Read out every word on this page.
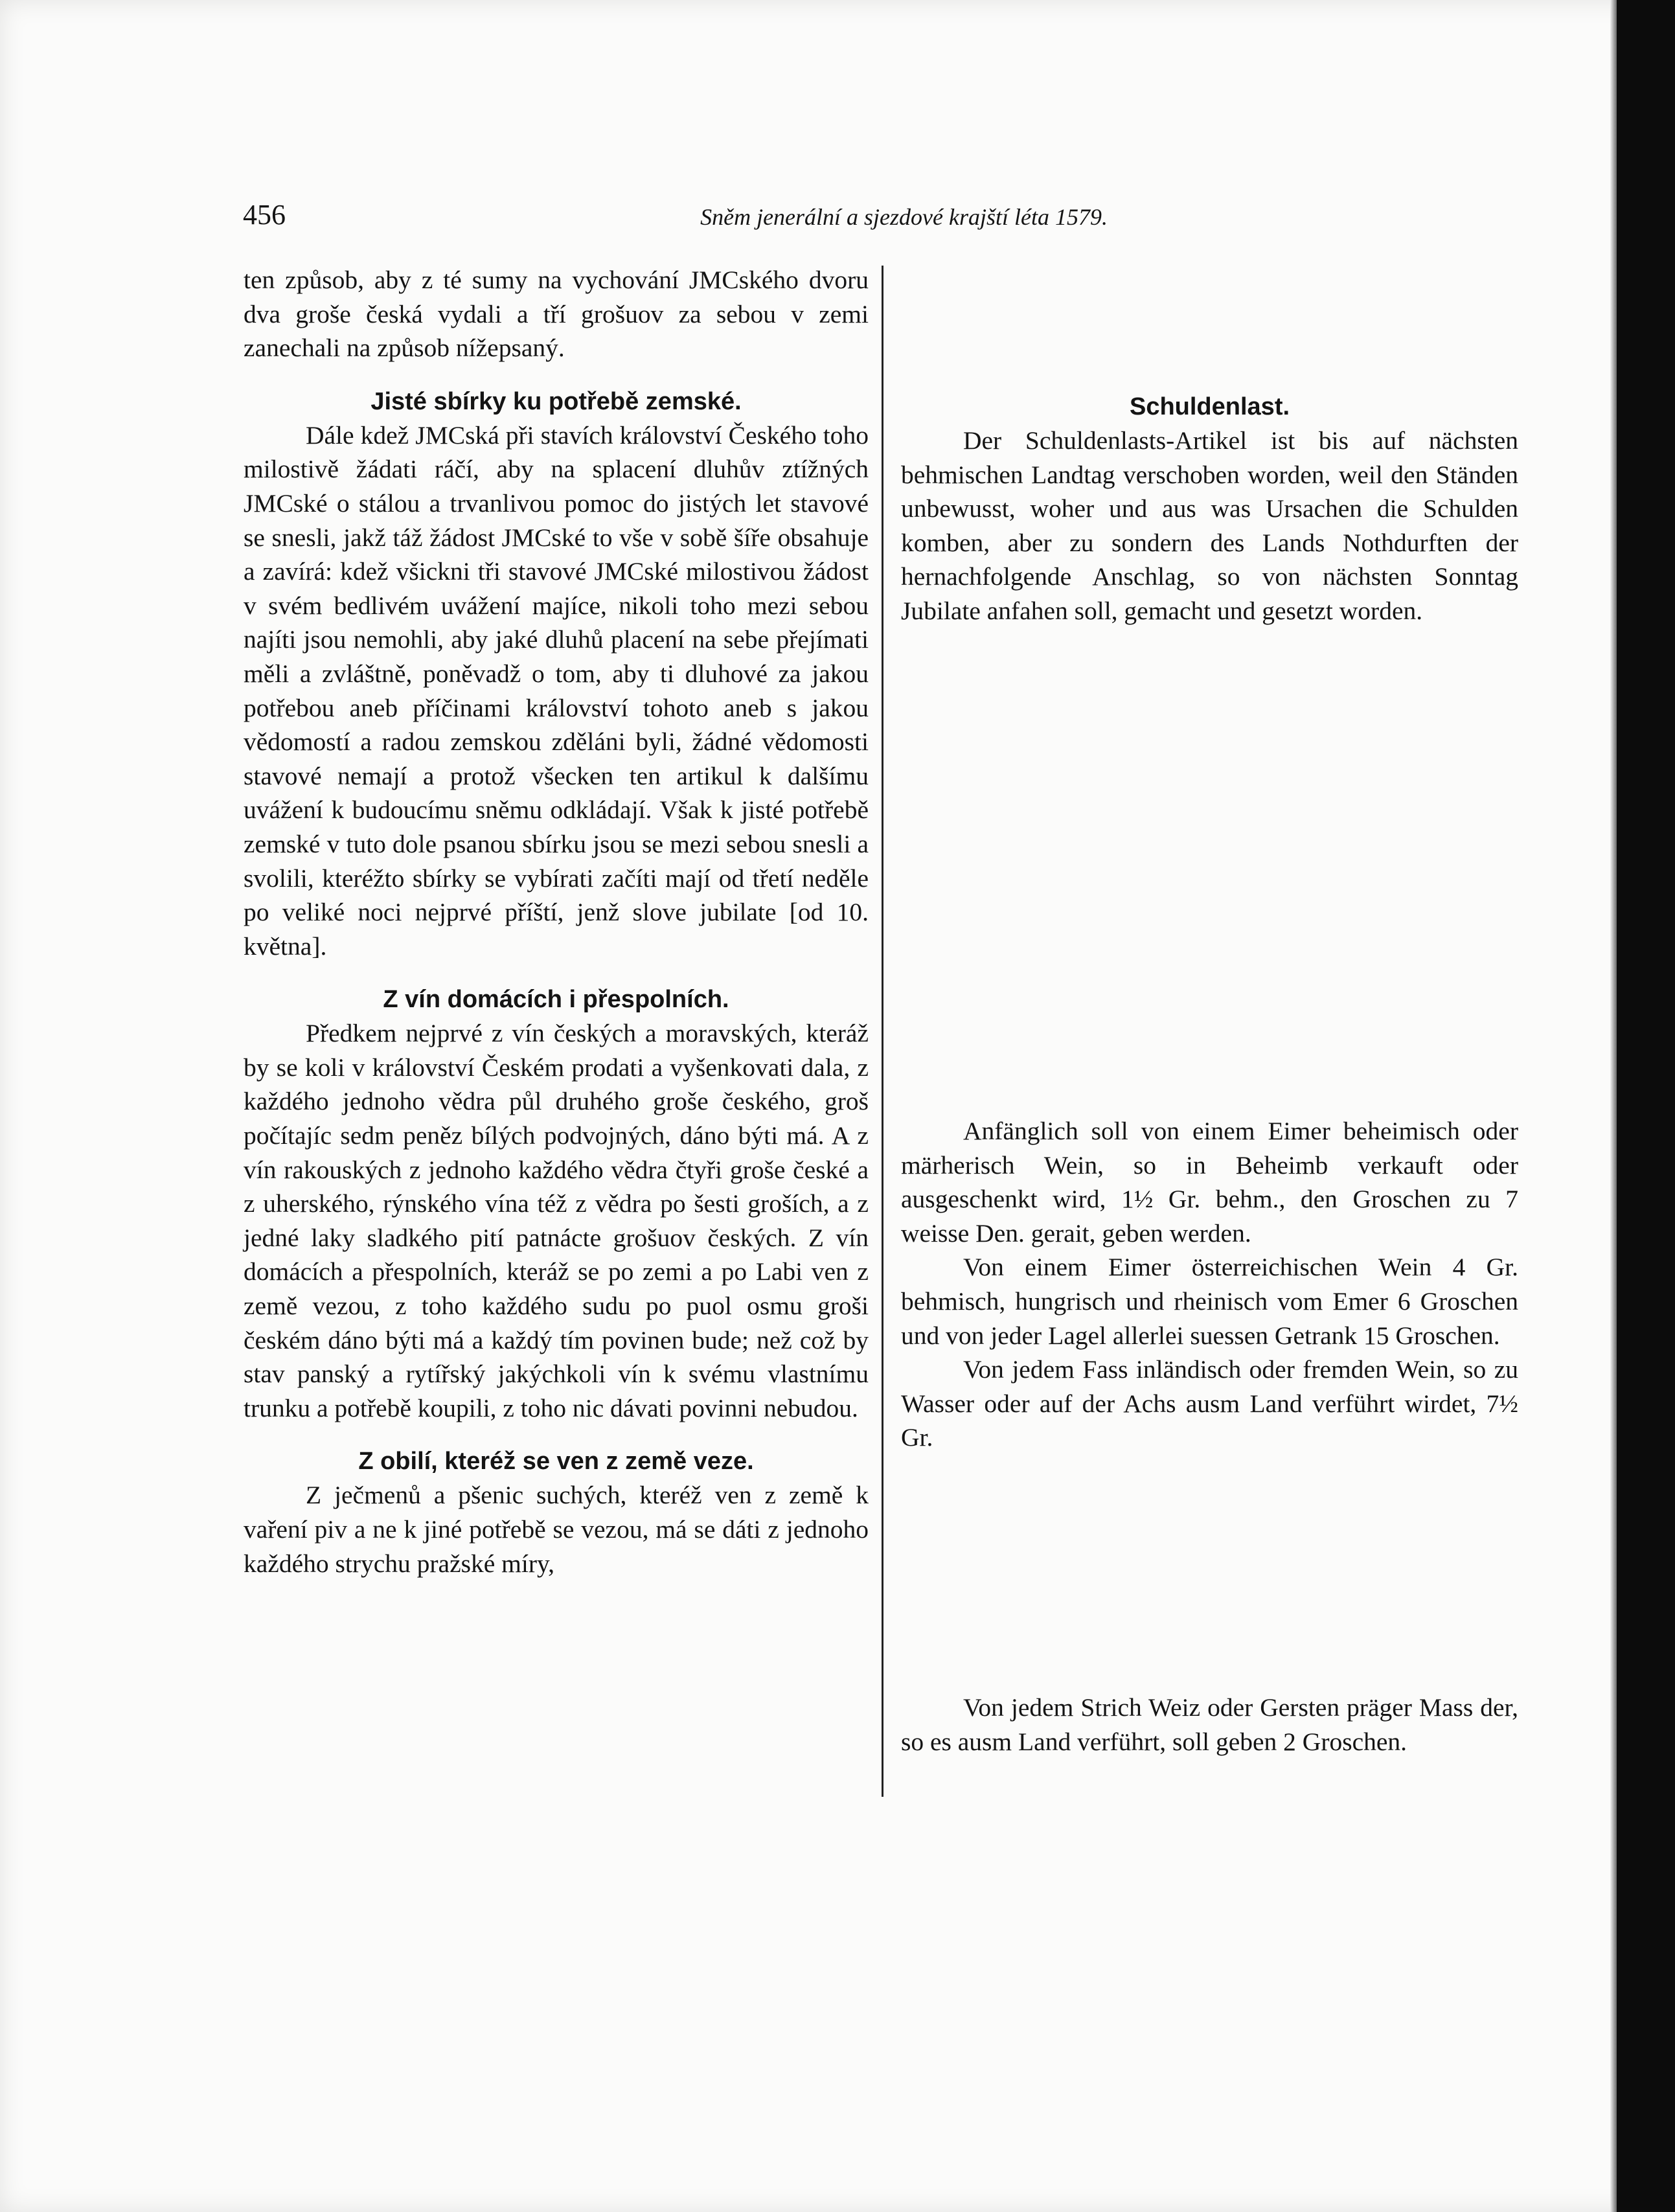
456	Sněm jenerální a sjezdové krajští léta 1579.

ten způsob, aby z té sumy na vychování JMCského dvoru dva groše česká vydali a tří grošuov za sebou v zemi zanechali na způsob nížepsaný.

Jisté sbírky ku potřebě zemské.

Dále kdež JMCská při stavích království Českého toho milostivě žádati ráčí, aby na splacení dluhův ztížných JMCské o stálou a trvanlivou pomoc do jistých let stavové se snesli, jakž táž žádost JMCské to vše v sobě šíře obsahuje a zavírá: kdež všickni tři stavové JMCské milostivou žádost v svém bedlivém uvážení majíce, nikoli toho mezi sebou najíti jsou nemohli, aby jaké dluhů placení na sebe přejímati měli a zvláštně, poněvadž o tom, aby ti dluhové za jakou potřebou aneb příčinami království tohoto aneb s jakou vědomostí a radou zemskou zděláni byli, žádné vědomosti stavové nemají a protož všecken ten artikul k dalšímu uvážení k budoucímu sněmu odkládají. Však k jisté potřebě zemské v tuto dole psanou sbírku jsou se mezi sebou snesli a svolili, kteréžto sbírky se vybírati začíti mají od třetí neděle po veliké noci nejprvé příští, jenž slove jubilate [od 10. května].

Z vín domácích i přespolních.

Předkem nejprvé z vín českých a moravských, kteráž by se koli v království Českém prodati a vyšenkovati dala, z každého jednoho vědra půl druhého groše českého, groš počítajíc sedm peněz bílých podvojných, dáno býti má. A z vín rakouských z jednoho každého vědra čtyři groše české a z uherského, rýnského vína též z vědra po šesti groších, a z jedné laky sladkého pití patnácte grošuov českých. Z vín domácích a přespolních, kteráž se po zemi a po Labi ven z země vezou, z toho každého sudu po puol osmu groši českém dáno býti má a každý tím povinen bude; než což by stav panský a rytířský jakýchkoli vín k svému vlastnímu trunku a potřebě koupili, z toho nic dávati povinni nebudou.

Z obilí, kteréž se ven z země veze.

Z ječmenů a pšenic suchých, kteréž ven z země k vaření piv a ne k jiné potřebě se vezou, má se dáti z jednoho každého strychu pražské míry,

Schuldenlast.

Der Schuldenlasts-Artikel ist bis auf nächsten behmischen Landtag verschoben worden, weil den Ständen unbewusst, woher und aus was Ursachen die Schulden komben, aber zu sondern des Lands Nothdurften der hernachfolgende Anschlag, so von nächsten Sonntag Jubilate anfahen soll, gemacht und gesetzt worden.

Anfänglich soll von einem Eimer beheimisch oder märherisch Wein, so in Beheimb verkauft oder ausgeschenkt wird, 1½ Gr. behm., den Groschen zu 7 weisse Den. gerait, geben werden.

Von einem Eimer österreichischen Wein 4 Gr. behmisch, hungrisch und rheinisch vom Emer 6 Groschen und von jeder Lagel allerlei suessen Getrank 15 Groschen.

Von jedem Fass inländisch oder fremden Wein, so zu Wasser oder auf der Achs ausm Land verführt wirdet, 7½ Gr.

Von jedem Strich Weiz oder Gersten präger Mass der, so es ausm Land verführt, soll geben 2 Groschen.
